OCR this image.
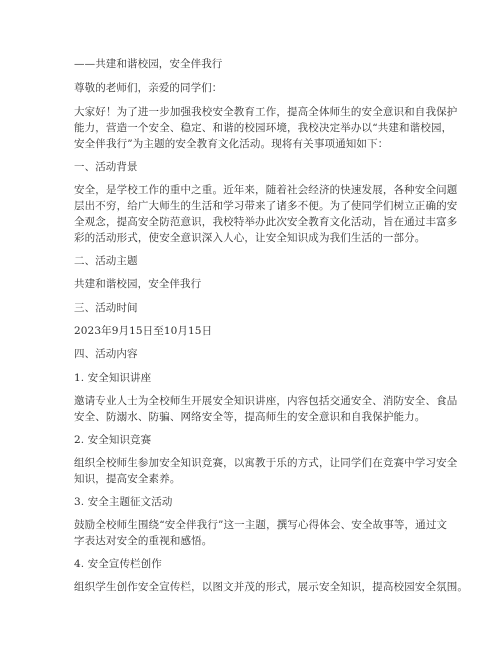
——共建和谐校园，安全伴我行
尊敬的老师们，亲爱的同学们：
大家好！为了进一步加强我校安全教育工作，提高全体师生的安全意识和自我保护
能力，营造一个安全、稳定、和谐的校园环境，我校决定举办以“共建和谐校园，
安全伴我行”为主题的安全教育文化活动。现将有关事项通知如下：
一、活动背景
安全，是学校工作的重中之重。近年来，随着社会经济的快速发展，各种安全问题
层出不穷，给广大师生的生活和学习带来了诸多不便。为了使同学们树立正确的安
全观念，提高安全防范意识，我校特举办此次安全教育文化活动，旨在通过丰富多
彩的活动形式，使安全意识深入人心，让安全知识成为我们生活的一部分。
二、活动主题
共建和谐校园，安全伴我行
三、活动时间
2023年9月15日至10月15日
四、活动内容
1. 安全知识讲座
邀请专业人士为全校师生开展安全知识讲座，内容包括交通安全、消防安全、食品
安全、防溺水、防骗、网络安全等，提高师生的安全意识和自我保护能力。
2. 安全知识竞赛
组织全校师生参加安全知识竞赛，以寓教于乐的方式，让同学们在竞赛中学习安全
知识，提高安全素养。
3. 安全主题征文活动
鼓励全校师生围绕“安全伴我行”这一主题，撰写心得体会、安全故事等，通过文
字表达对安全的重视和感悟。
4. 安全宣传栏创作
组织学生创作安全宣传栏，以图文并茂的形式，展示安全知识，提高校园安全氛围。
